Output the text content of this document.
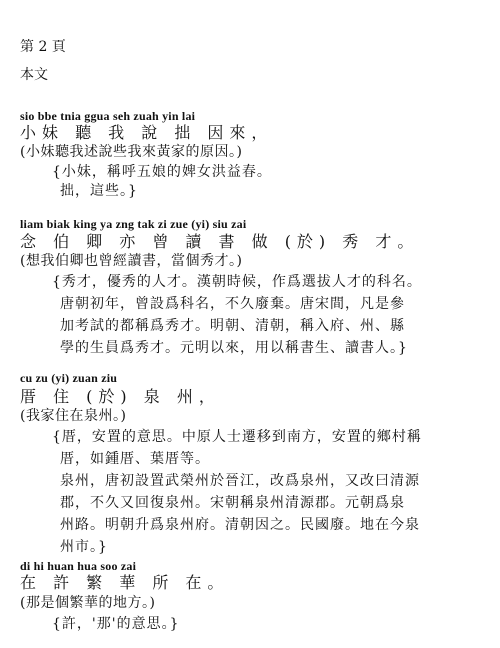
第 2 頁
本文
sio bbe tnia ggua seh zuah yin lai
小妹 聽 我 說 拙 因來，
(小妹聽我述說些我來黃家的原因。)
{小妹，稱呼五娘的婢女洪益春。
拙，這些。}
liam biak king ya zng tak zi zue (yi) siu zai
念 伯 卿 亦 曾 讀 書 做 (於) 秀 才。
(想我伯卿也曾經讀書，當個秀才。)
{秀才，優秀的人才。漢朝時候，作爲選拔人才的科名。
唐朝初年，曾設爲科名，不久廢棄。唐宋間，凡是參
加考試的都稱爲秀才。明朝、清朝，稱入府、州、縣
學的生員爲秀才。元明以來，用以稱書生、讀書人。}
cu zu (yi) zuan ziu
厝 住 (於) 泉 州，
(我家住在泉州。)
{厝，安置的意思。中原人士遷移到南方，安置的鄉村稱
厝，如鍾厝、葉厝等。
泉州，唐初設置武榮州於晉江，改爲泉州，又改曰清源
郡，不久又回復泉州。宋朝稱泉州清源郡。元朝爲泉
州路。明朝升爲泉州府。清朝因之。民國廢。地在今泉
州市。}
di hi huan hua soo zai
在 許 繁 華 所 在。
(那是個繁華的地方。)
{許，'那'的意思。}
